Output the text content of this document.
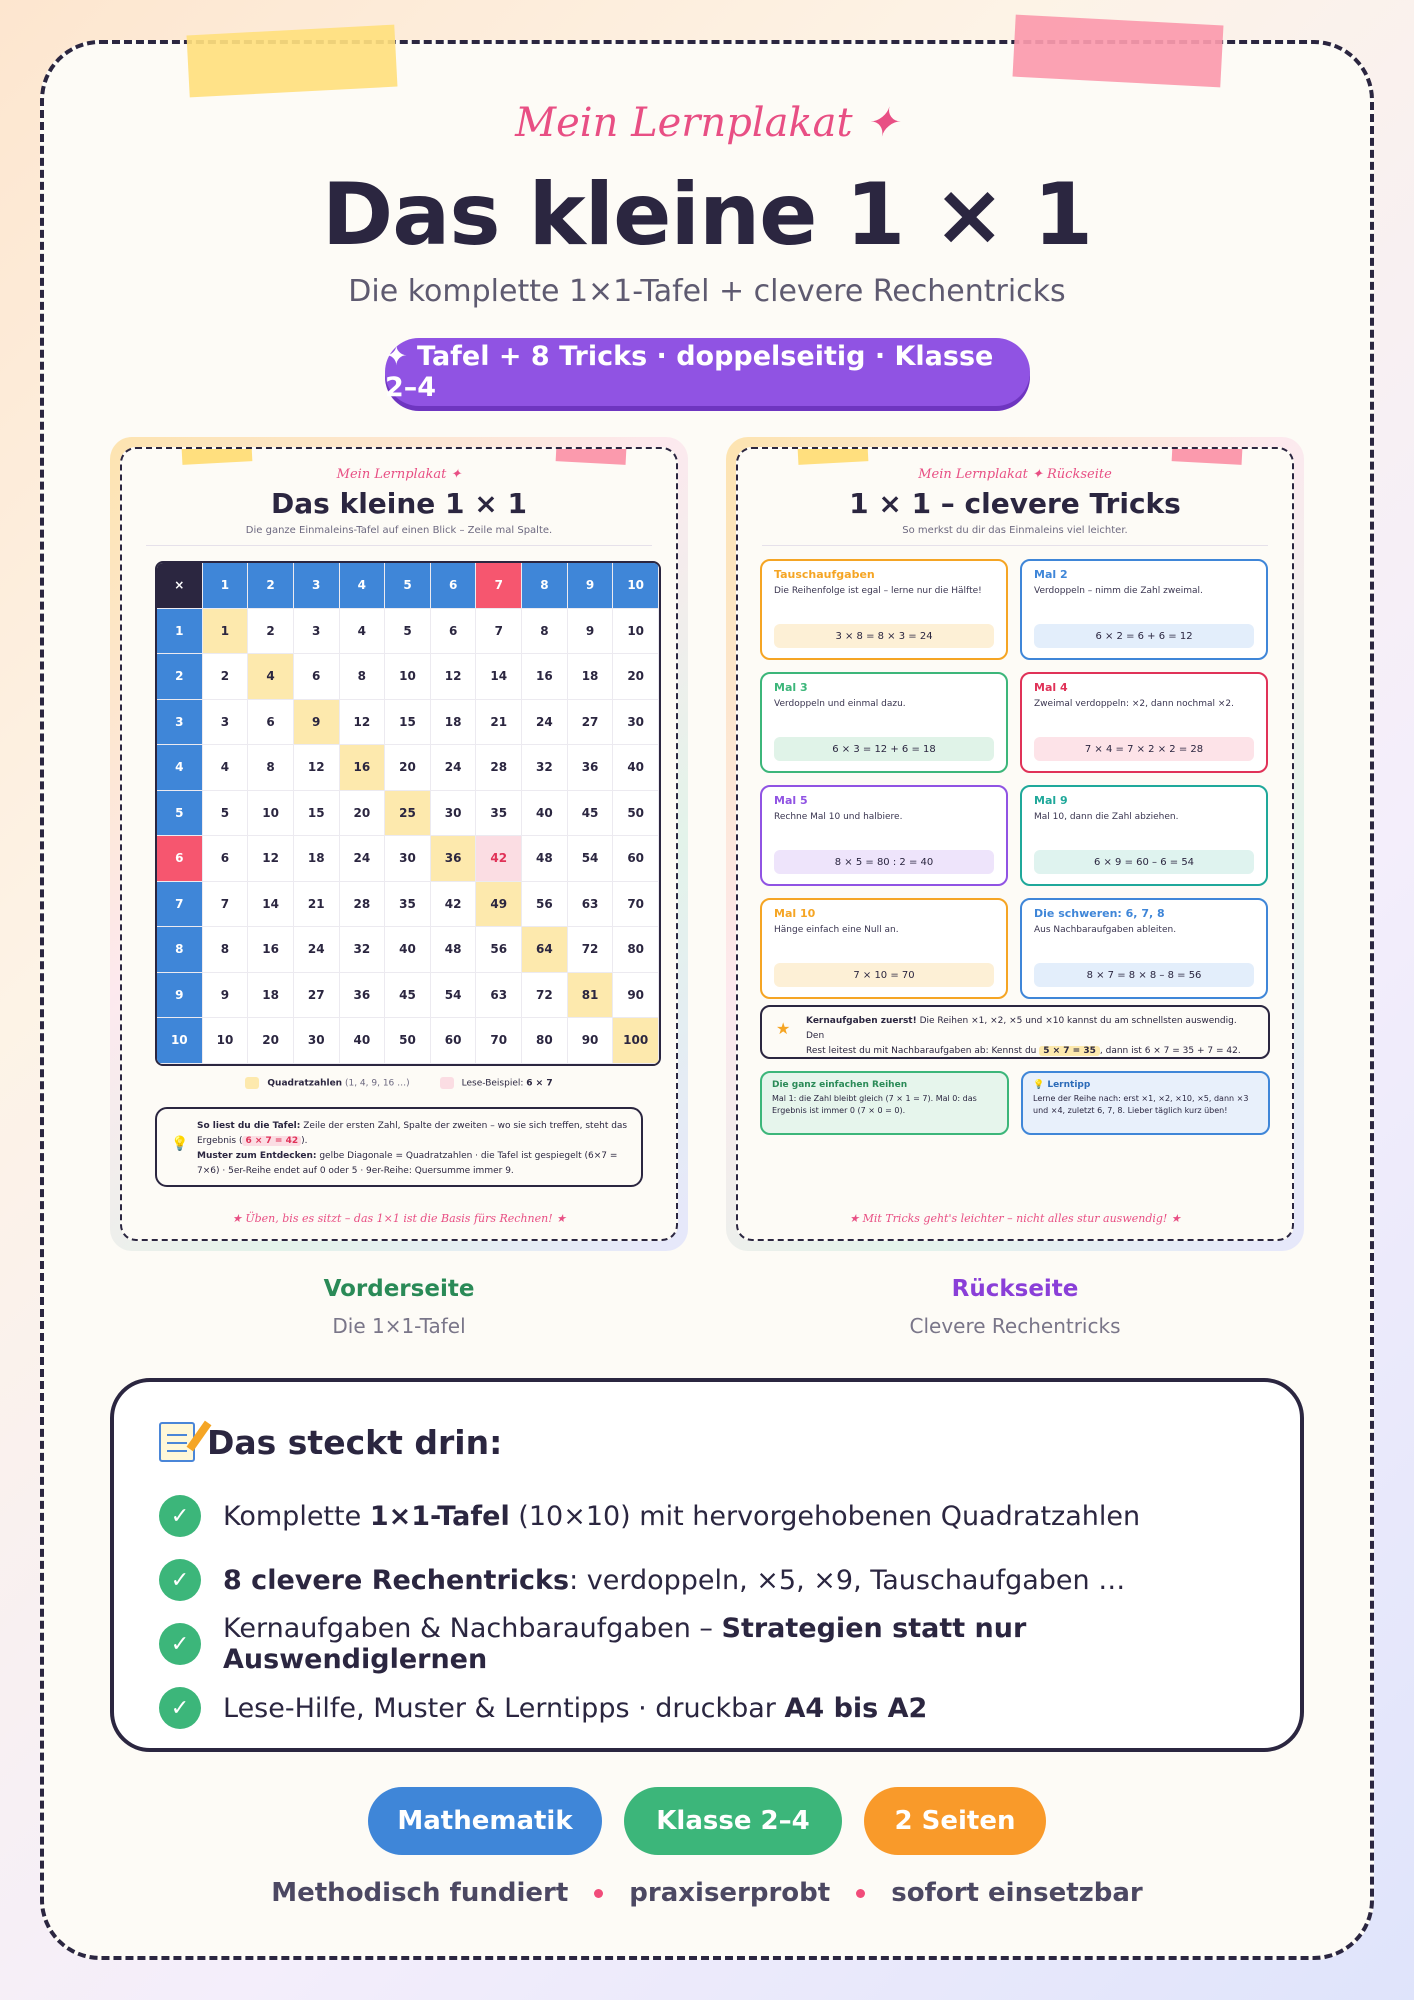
Mein Lernplakat ✦
Das kleine 1 × 1
Die komplette 1×1-Tafel + clevere Rechentricks
✦ Tafel + 8 Tricks · doppelseitig · Klasse 2–4
Mein Lernplakat ✦
Das kleine 1 × 1
Die ganze Einmaleins-Tafel auf einen Blick – Zeile mal Spalte.
×	1	2	3	4	5	6	7	8	9	10
1	1	2	3	4	5	6	7	8	9	10
2	2	4	6	8	10	12	14	16	18	20
3	3	6	9	12	15	18	21	24	27	30
4	4	8	12	16	20	24	28	32	36	40
5	5	10	15	20	25	30	35	40	45	50
6	6	12	18	24	30	36	42	48	54	60
7	7	14	21	28	35	42	49	56	63	70
8	8	16	24	32	40	48	56	64	72	80
9	9	18	27	36	45	54	63	72	81	90
10	10	20	30	40	50	60	70	80	90	100
Quadratzahlen (1, 4, 9, 16 …)	Lese-Beispiel: 6 × 7
💡
So liest du die Tafel: Zeile der ersten Zahl, Spalte der zweiten – wo sie sich treffen, steht das Ergebnis ( 6 × 7 = 42 ).
Muster zum Entdecken: gelbe Diagonale = Quadratzahlen · die Tafel ist gespiegelt (6×7 = 7×6) · 5er-Reihe endet auf 0 oder 5 · 9er-Reihe: Quersumme immer 9.
★ Üben, bis es sitzt – das 1×1 ist die Basis fürs Rechnen! ★
Vorderseite
Die 1×1-Tafel
Mein Lernplakat ✦ Rückseite
1 × 1 – clevere Tricks
So merkst du dir das Einmaleins viel leichter.
Tauschaufgaben
Die Reihenfolge ist egal – lerne nur die Hälfte!
3 × 8 = 8 × 3 = 24
Mal 2
Verdoppeln – nimm die Zahl zweimal.
6 × 2 = 6 + 6 = 12
Mal 3
Verdoppeln und einmal dazu.
6 × 3 = 12 + 6 = 18
Mal 4
Zweimal verdoppeln: ×2, dann nochmal ×2.
7 × 4 = 7 × 2 × 2 = 28
Mal 5
Rechne Mal 10 und halbiere.
8 × 5 = 80 : 2 = 40
Mal 9
Mal 10, dann die Zahl abziehen.
6 × 9 = 60 – 6 = 54
Mal 10
Hänge einfach eine Null an.
7 × 10 = 70
Die schweren: 6, 7, 8
Aus Nachbaraufgaben ableiten.
8 × 7 = 8 × 8 – 8 = 56
★ Kernaufgaben zuerst! Die Reihen ×1, ×2, ×5 und ×10 kannst du am schnellsten auswendig. Den
Rest leitest du mit Nachbaraufgaben ab: Kennst du 5 × 7 = 35 , dann ist 6 × 7 = 35 + 7 = 42.
Die ganz einfachen Reihen
Mal 1: die Zahl bleibt gleich (7 × 1 = 7). Mal 0: das Ergebnis ist immer 0 (7 × 0 = 0).
💡 Lerntipp
Lerne der Reihe nach: erst ×1, ×2, ×10, ×5, dann ×3 und ×4, zuletzt 6, 7, 8. Lieber täglich kurz üben!
★ Mit Tricks geht's leichter – nicht alles stur auswendig! ★
Rückseite
Clevere Rechentricks
Das steckt drin:
✓	Komplette 1×1-Tafel (10×10) mit hervorgehobenen Quadratzahlen
✓	8 clevere Rechentricks: verdoppeln, ×5, ×9, Tauschaufgaben …
✓	Kernaufgaben & Nachbaraufgaben – Strategien statt nur Auswendiglernen
✓	Lese-Hilfe, Muster & Lerntipps · druckbar A4 bis A2
Mathematik	Klasse 2–4	2 Seiten
Methodisch fundiert praxiserprobt sofort einsetzbar
